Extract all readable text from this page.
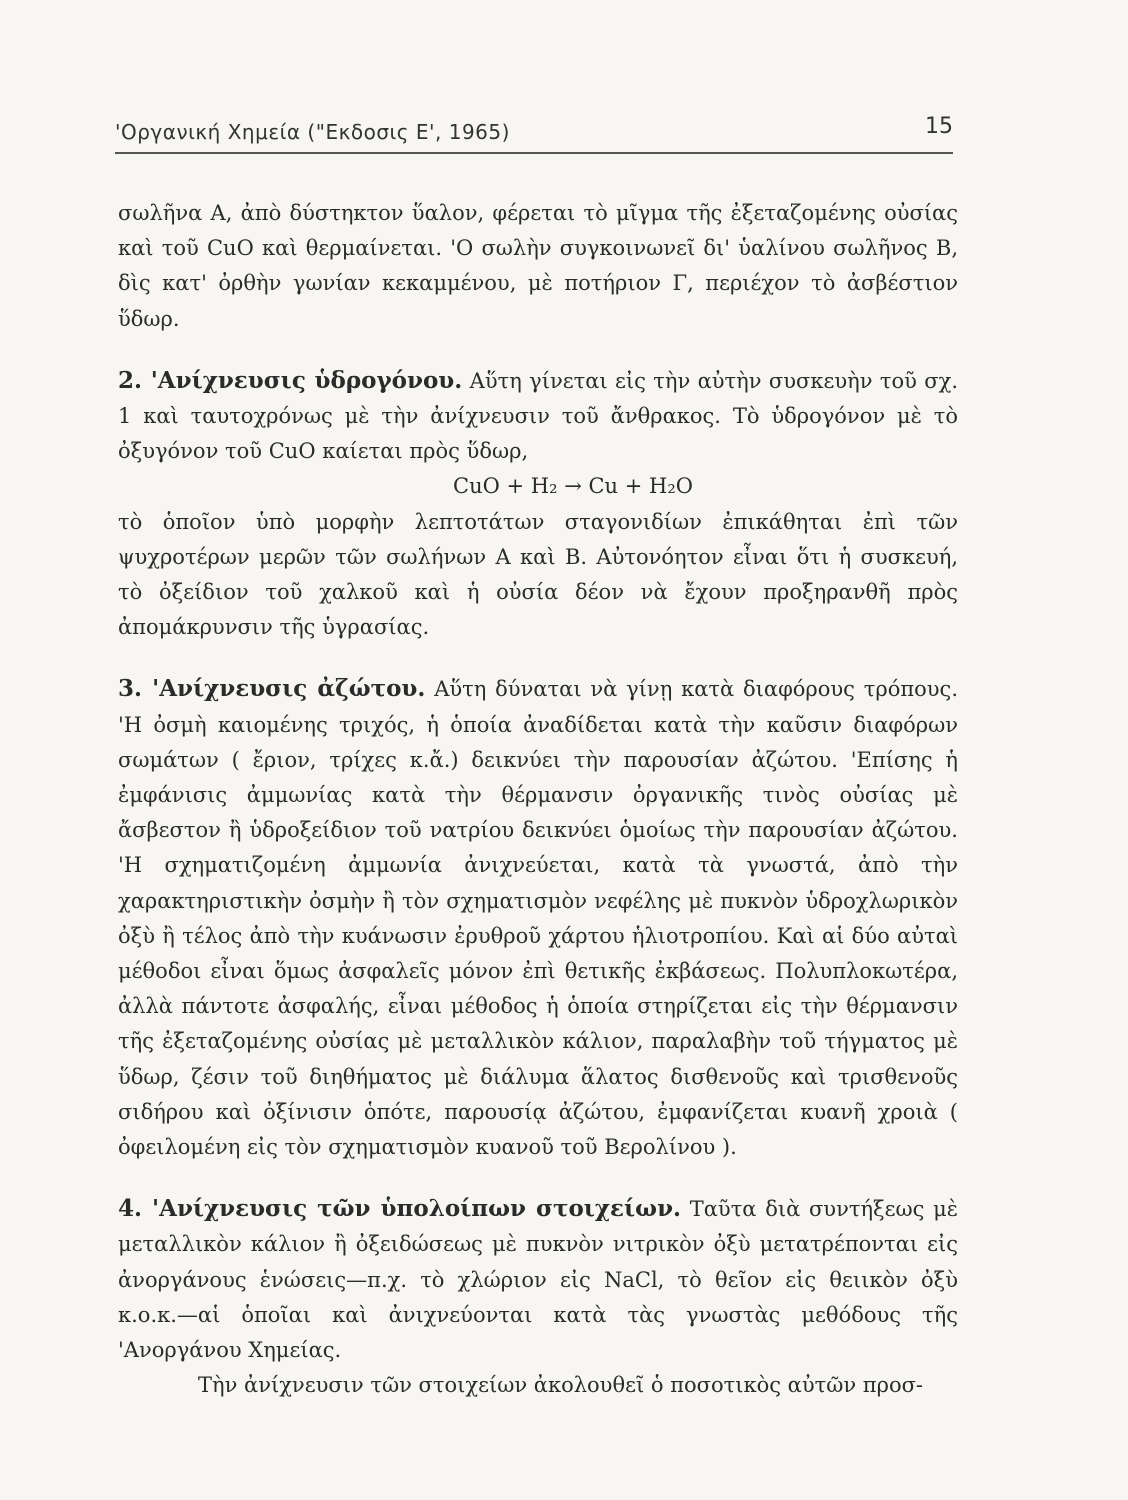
'Οργανική Χημεία ("Εκδοσις Ε', 1965)	15

σωλῆνα Α, ἀπὸ δύστηκτον ὕαλον, φέρεται τὸ μῖγμα τῆς ἐξεταζομένης οὐσίας καὶ τοῦ CuO καὶ θερμαίνεται. 'Ο σωλὴν συγκοινωνεῖ δι' ὑαλίνου σωλῆνος Β, δὶς κατ' ὀρθὴν γωνίαν κεκαμμένου, μὲ ποτήριον Γ, περιέχον τὸ ἀσβέστιον ὕδωρ.

2. 'Ανίχνευσις ὑδρογόνου. Αὕτη γίνεται εἰς τὴν αὐτὴν συσκευὴν τοῦ σχ. 1 καὶ ταυτοχρόνως μὲ τὴν ἀνίχνευσιν τοῦ ἄνθρακος. Τὸ ὑδρογόνον μὲ τὸ ὀξυγόνον τοῦ CuO καίεται πρὸς ὕδωρ,

CuO + H₂ → Cu + H₂O

τὸ ὁποῖον ὑπὸ μορφὴν λεπτοτάτων σταγονιδίων ἐπικάθηται ἐπὶ τῶν ψυχροτέρων μερῶν τῶν σωλήνων Α καὶ Β. Αὐτονόητον εἶναι ὅτι ἡ συσκευή, τὸ ὀξείδιον τοῦ χαλκοῦ καὶ ἡ οὐσία δέον νὰ ἔχουν προξηρανθῆ πρὸς ἀπομάκρυνσιν τῆς ὑγρασίας.

3. 'Ανίχνευσις ἀζώτου. Αὕτη δύναται νὰ γίνῃ κατὰ διαφόρους τρόπους. 'Η ὀσμὴ καιομένης τριχός, ἡ ὁποία ἀναδίδεται κατὰ τὴν καῦσιν διαφόρων σωμάτων ( ἔριον, τρίχες κ.ἄ.) δεικνύει τὴν παρουσίαν ἀζώτου. 'Επίσης ἡ ἐμφάνισις ἀμμωνίας κατὰ τὴν θέρμανσιν ὀργανικῆς τινὸς οὐσίας μὲ ἄσβεστον ἢ ὑδροξείδιον τοῦ νατρίου δεικνύει ὁμοίως τὴν παρουσίαν ἀζώτου. 'Η σχηματιζομένη ἀμμωνία ἀνιχνεύεται, κατὰ τὰ γνωστά, ἀπὸ τὴν χαρακτηριστικὴν ὀσμὴν ἢ τὸν σχηματισμὸν νεφέλης μὲ πυκνὸν ὑδροχλωρικὸν ὀξὺ ἢ τέλος ἀπὸ τὴν κυάνωσιν ἐρυθροῦ χάρτου ἡλιοτροπίου. Καὶ αἱ δύο αὐταὶ μέθοδοι εἶναι ὅμως ἀσφαλεῖς μόνον ἐπὶ θετικῆς ἐκβάσεως. Πολυπλοκωτέρα, ἀλλὰ πάντοτε ἀσφαλής, εἶναι μέθοδος ἡ ὁποία στηρίζεται εἰς τὴν θέρμανσιν τῆς ἐξεταζομένης οὐσίας μὲ μεταλλικὸν κάλιον, παραλαβὴν τοῦ τήγματος μὲ ὕδωρ, ζέσιν τοῦ διηθήματος μὲ διάλυμα ἅλατος δισθενοῦς καὶ τρισθενοῦς σιδήρου καὶ ὀξίνισιν ὁπότε, παρουσίᾳ ἀζώτου, ἐμφανίζεται κυανῆ χροιὰ ( ὀφειλομένη εἰς τὸν σχηματισμὸν κυανοῦ τοῦ Βερολίνου ).

4. 'Ανίχνευσις τῶν ὑπολοίπων στοιχείων. Ταῦτα διὰ συντήξεως μὲ μεταλλικὸν κάλιον ἢ ὀξειδώσεως μὲ πυκνὸν νιτρικὸν ὀξὺ μετατρέπονται εἰς ἀνοργάνους ἑνώσεις—π.χ. τὸ χλώριον εἰς NaCl, τὸ θεῖον εἰς θειικὸν ὀξὺ κ.ο.κ.—αἱ ὁποῖαι καὶ ἀνιχνεύονται κατὰ τὰς γνωστὰς μεθόδους τῆς 'Ανοργάνου Χημείας.

Τὴν ἀνίχνευσιν τῶν στοιχείων ἀκολουθεῖ ὁ ποσοτικὸς αὐτῶν προσ-
